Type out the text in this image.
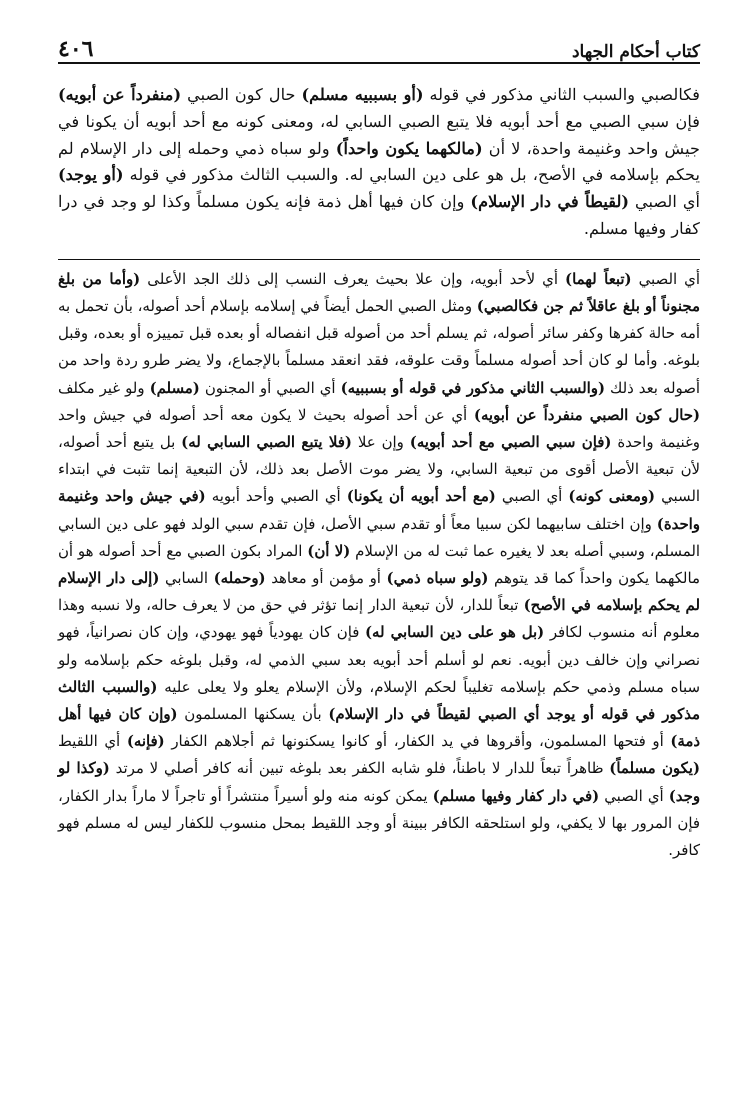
كتاب أحكام الجهاد
٤٠٦

فكالصبي والسبب الثاني مذكور في قوله (أو بسببيه مسلم) حال كون الصبي (منفرداً عن أبويه) فإن سبي الصبي مع أحد أبويه فلا يتبع الصبي السابي له، ومعنى كونه مع أحد أبويه أن يكونا في جيش واحد وغنيمة واحدة، لا أن (مالكهما يكون واحداً) ولو سباه ذمي وحمله إلى دار الإسلام لم يحكم بإسلامه في الأصح، بل هو على دين السابي له. والسبب الثالث مذكور في قوله (أو يوجد) أي الصبي (لقيطاً في دار الإسلام) وإن كان فيها أهل ذمة فإنه يكون مسلماً وكذا لو وجد في درا كفار وفيها مسلم.

أي الصبي (تبعاً لهما) أي لأحد أبويه، وإن علا بحيث يعرف النسب إلى ذلك الجد الأعلى (وأما من بلغ مجنوناً أو بلغ عاقلاً ثم جن فكالصبي) ومثل الصبي الحمل أيضاً في إسلامه بإسلام أحد أصوله، بأن تحمل به أمه حالة كفرها وكفر سائر أصوله، ثم يسلم أحد من أصوله قبل انفصاله أو بعده قبل تمييزه أو بعده، وقبل بلوغه. وأما لو كان أحد أصوله مسلماً وقت علوقه، فقد انعقد مسلماً بالإجماع، ولا يضر طرو ردة واحد من أصوله بعد ذلك (والسبب الثاني مذكور في قوله أو بسببيه) أي الصبي أو المجنون (مسلم) ولو غير مكلف (حال كون الصبي منفرداً عن أبويه) أي عن أحد أصوله بحيث لا يكون معه أحد أصوله في جيش واحد وغنيمة واحدة (فإن سبي الصبي مع أحد أبويه) وإن علا (فلا يتبع الصبي السابي له) بل يتبع أحد أصوله، لأن تبعية الأصل أقوى من تبعية السابي، ولا يضر موت الأصل بعد ذلك، لأن التبعية إنما تثبت في ابتداء السبي (ومعنى كونه) أي الصبي (مع أحد أبويه أن يكونا) أي الصبي وأحد أبويه (في جيش واحد وغنيمة واحدة) وإن اختلف سابيهما لكن سبيا معاً أو تقدم سبي الأصل، فإن تقدم سبي الولد فهو على دين السابي المسلم، وسبي أصله بعد لا يغيره عما ثبت له من الإسلام (لا أن) المراد بكون الصبي مع أحد أصوله هو أن مالكهما يكون واحداً كما قد يتوهم (ولو سباه ذمي) أو مؤمن أو معاهد (وحمله) السابي (إلى دار الإسلام لم يحكم بإسلامه في الأصح) تبعاً للدار، لأن تبعية الدار إنما تؤثر في حق من لا يعرف حاله، ولا نسبه وهذا معلوم أنه منسوب لكافر (بل هو على دين السابي له) فإن كان يهودياً فهو يهودي، وإن كان نصرانياً، فهو نصراني وإن خالف دين أبويه. نعم لو أسلم أحد أبويه بعد سبي الذمي له، وقبل بلوغه حكم بإسلامه ولو سباه مسلم وذمي حكم بإسلامه تغليباً لحكم الإسلام، ولأن الإسلام يعلو ولا يعلى عليه (والسبب الثالث مذكور في قوله أو يوجد أي الصبي لقيطاً في دار الإسلام) بأن يسكنها المسلمون (وإن كان فيها أهل ذمة) أو فتحها المسلمون، وأقروها في يد الكفار، أو كانوا يسكنونها ثم أجلاهم الكفار (فإنه) أي اللقيط (يكون مسلماً) ظاهراً تبعاً للدار لا باطناً، فلو شابه الكفر بعد بلوغه تبين أنه كافر أصلي لا مرتد (وكذا لو وجد) أي الصبي (في دار كفار وفيها مسلم) يمكن كونه منه ولو أسيراً منتشراً أو تاجراً لا ماراً بدار الكفار، فإن المرور بها لا يكفي، ولو استلحقه الكافر ببينة أو وجد اللقيط بمحل منسوب للكفار ليس له مسلم فهو كافر.
